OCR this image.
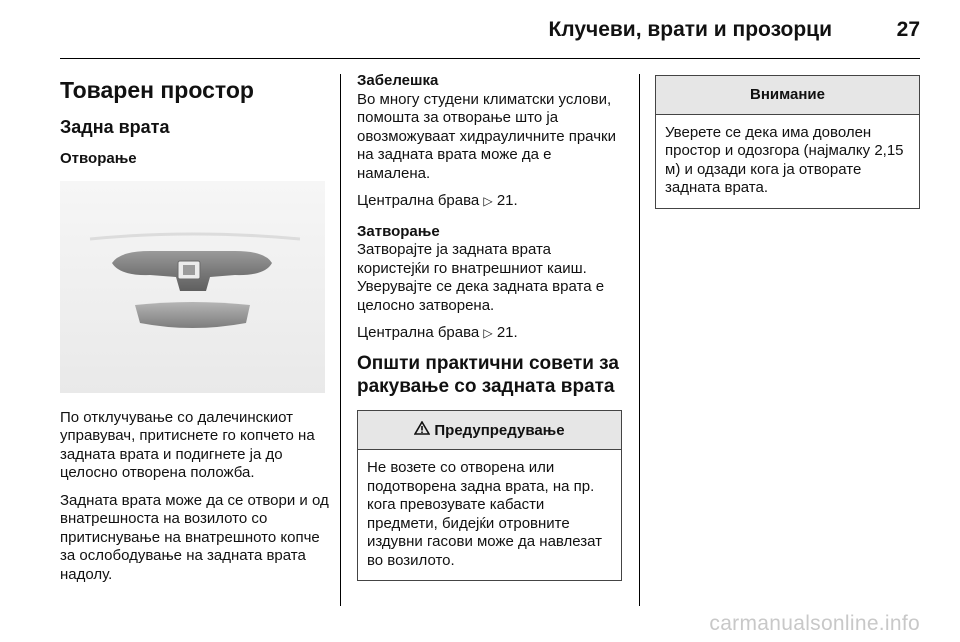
Клучеви, врати и прозорци	27
Товарен простор
Задна врата
Отворање

По отклучувањe со далечинскиот управувач, притиснете го копчето на задната врата и подигнете ја до целосно отворена положба.

Задната врата може да се отвори и од внатрешноста на возилото со притиснување на внатрешното копче за ослободување на задната врата надолу.

Забелешка

Во многу студени климатски услови, помошта за отворање што ја овозможуваат хидрауличните прачки на задната врата може да е намалена.

Централна брава ▷ 21.

Затворање

Затворајте ја задната врата користејќи го внатрешниот каиш. Уверувајте се дека задната врата е целосно затворена.

Централна брава ▷ 21.

Општи практични совети за ракување со задната врата
Предупредување
Не возете со отворена или подотворена задна врата, на пр. кога превозувате кабасти предмети, бидејќи отровните издувни гасови може да навлезат во возилото.
Внимание
Уверете се дека има доволен простор и одозгора (најмалку 2,15 м) и одзади кога ја отворате задната врата.
carmanualsonline.info
